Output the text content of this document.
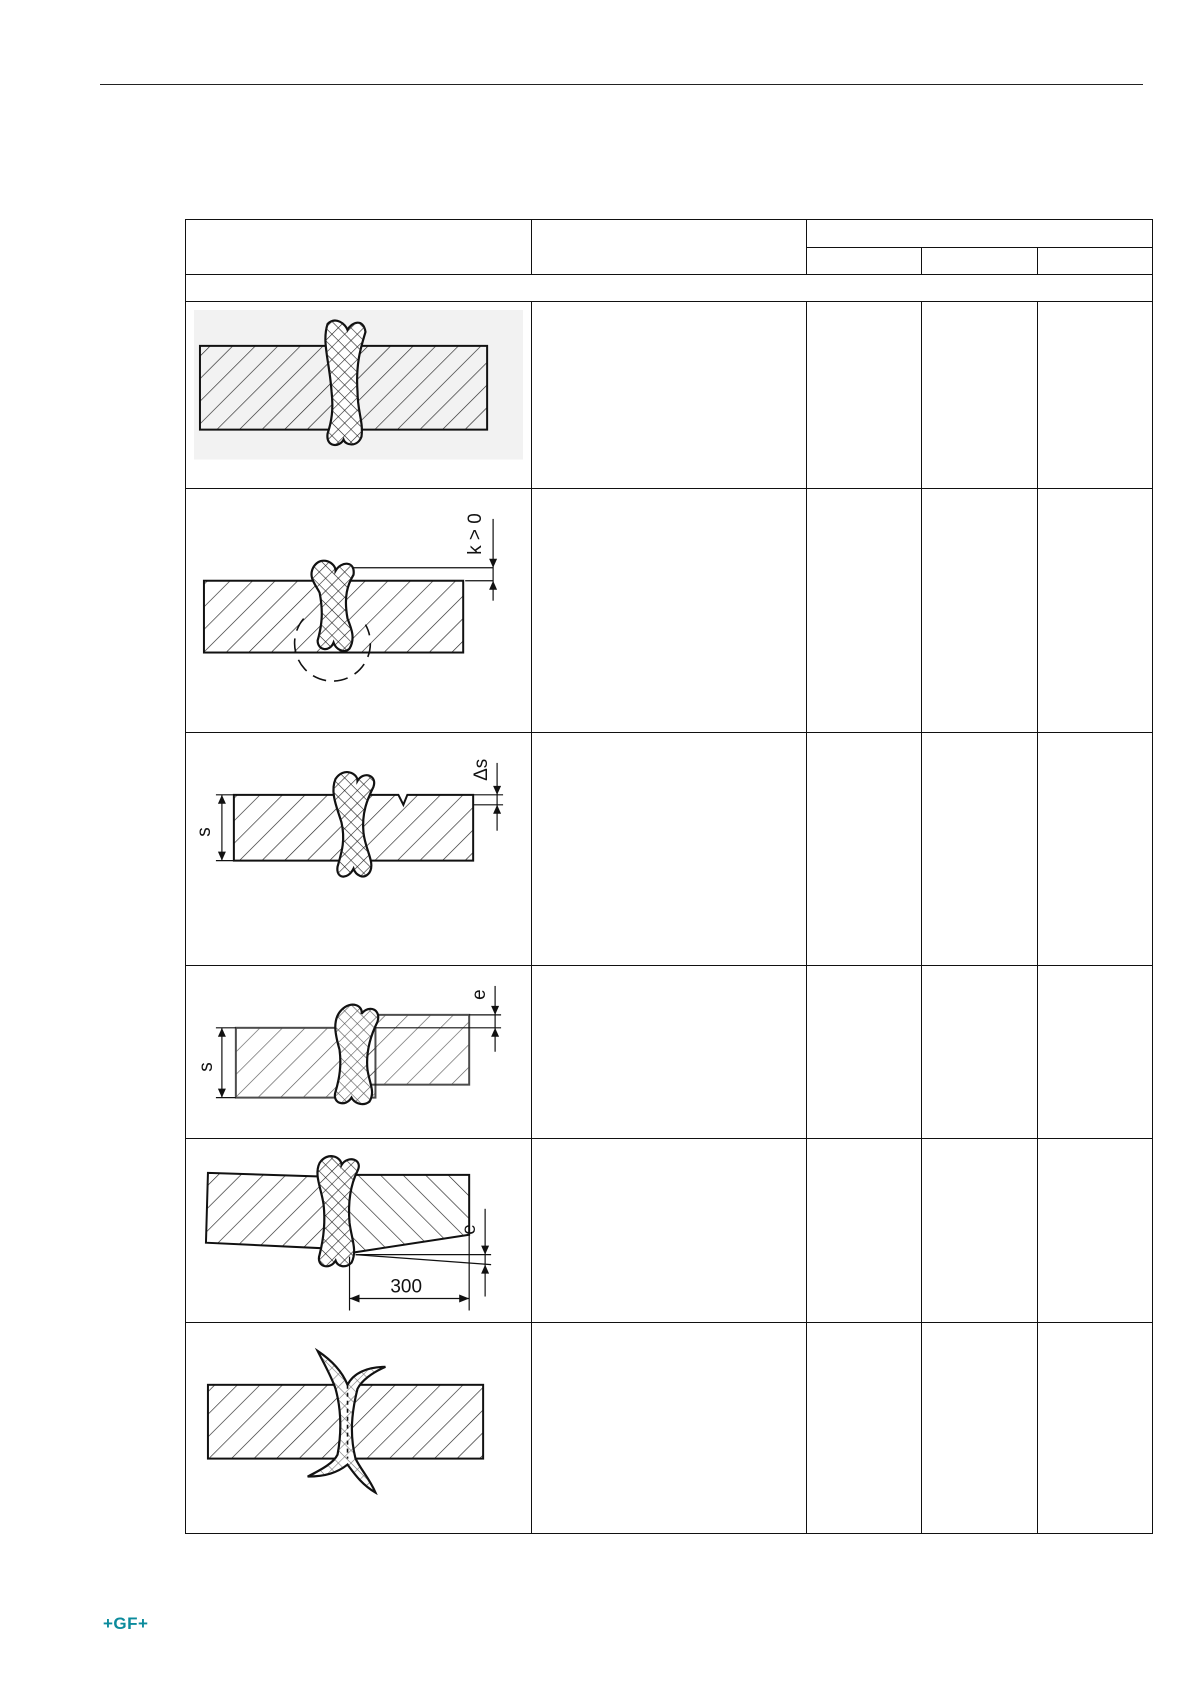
k > 0				

s
Δs				

s
e				

e
300				

+GF+
